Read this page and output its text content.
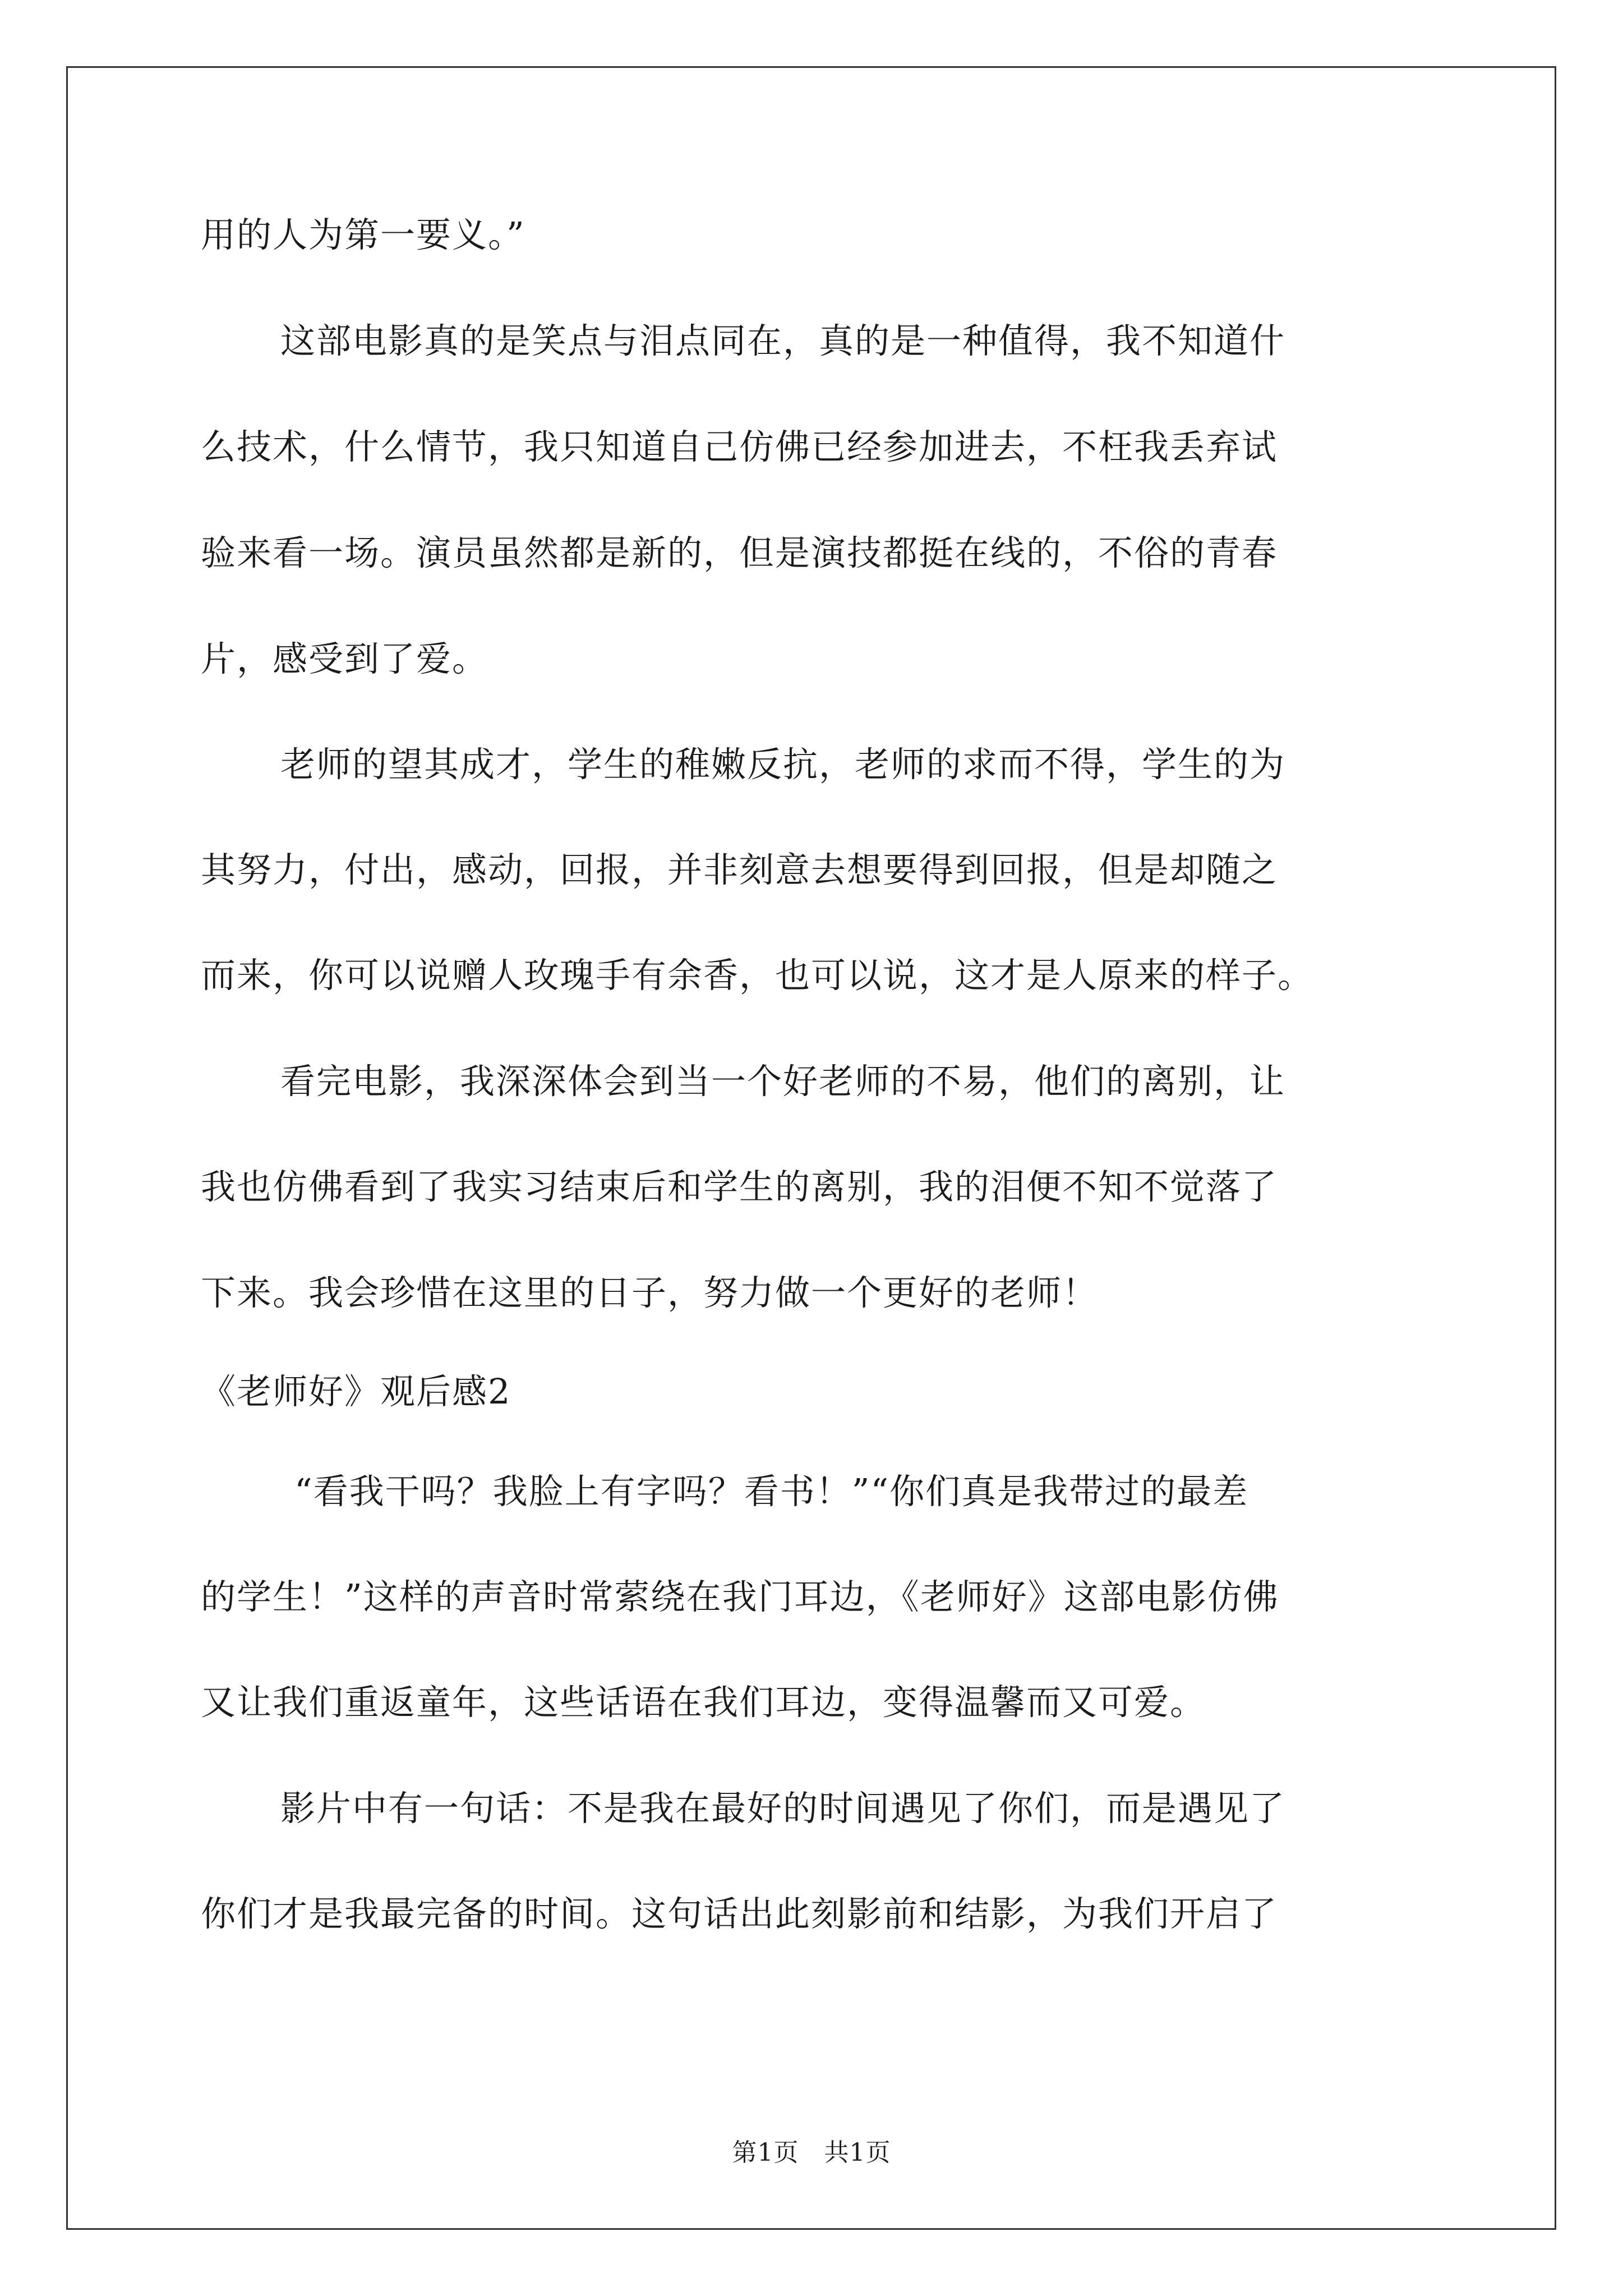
用的人为第一要义。”
这部电影真的是笑点与泪点同在，真的是一种值得，我不知道什
么技术，什么情节，我只知道自己仿佛已经参加进去，不枉我丢弃试
验来看一场。演员虽然都是新的，但是演技都挺在线的，不俗的青春
片，感受到了爱。
老师的望其成才，学生的稚嫩反抗，老师的求而不得，学生的为
其努力，付出，感动，回报，并非刻意去想要得到回报，但是却随之
而来，你可以说赠人玫瑰手有余香，也可以说，这才是人原来的样子。
看完电影，我深深体会到当一个好老师的不易，他们的离别，让
我也仿佛看到了我实习结束后和学生的离别，我的泪便不知不觉落了
下来。我会珍惜在这里的日子，努力做一个更好的老师！
《老师好》观后感2
“看我干吗？我脸上有字吗？看书！”“你们真是我带过的最差
的学生！”这样的声音时常萦绕在我门耳边，《老师好》这部电影仿佛
又让我们重返童年，这些话语在我们耳边，变得温馨而又可爱。
影片中有一句话：不是我在最好的时间遇见了你们，而是遇见了
你们才是我最完备的时间。这句话出此刻影前和结影，为我们开启了
第1页　共1页
